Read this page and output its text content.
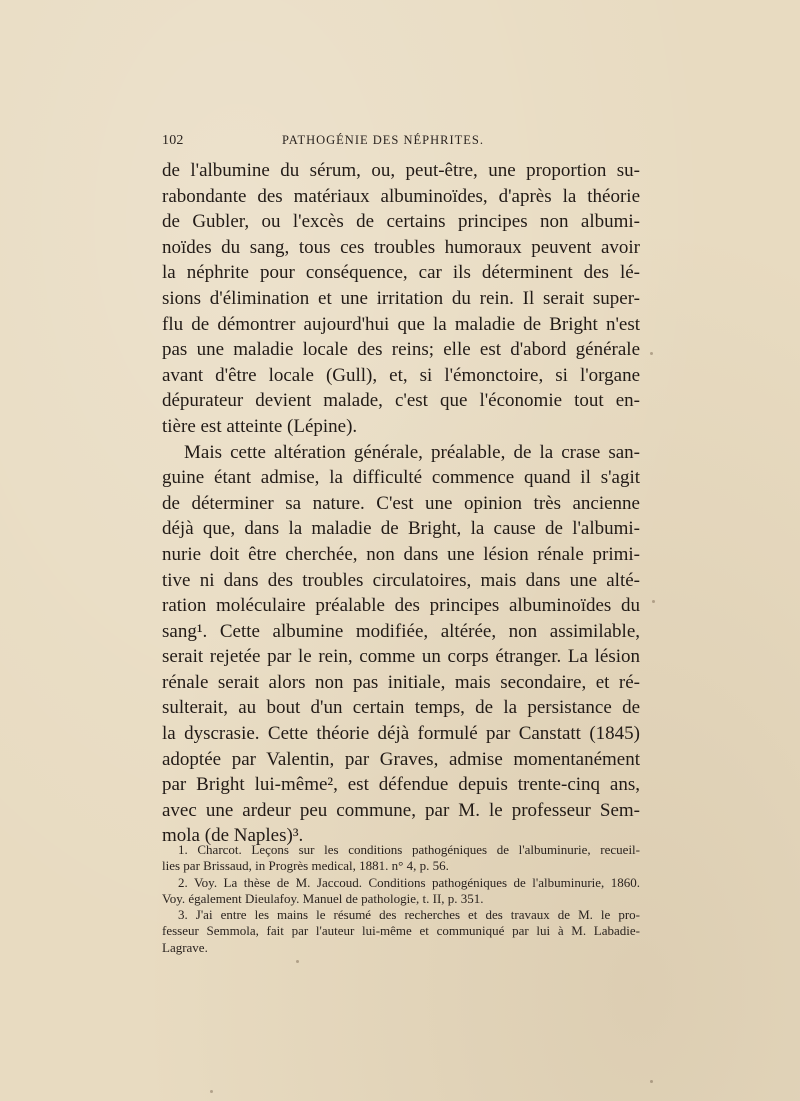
102	PATHOGÉNIE DES NÉPHRITES.

de l'albumine du sérum, ou, peut-être, une proportion su-
rabondante des matériaux albuminoïdes, d'après la théorie
de Gubler, ou l'excès de certains principes non albumi-
noïdes du sang, tous ces troubles humoraux peuvent avoir
la néphrite pour conséquence, car ils déterminent des lé-
sions d'élimination et une irritation du rein. Il serait super-
flu de démontrer aujourd'hui que la maladie de Bright n'est
pas une maladie locale des reins; elle est d'abord générale
avant d'être locale (Gull), et, si l'émonctoire, si l'organe
dépurateur devient malade, c'est que l'économie tout en-
tière est atteinte (Lépine).

Mais cette altération générale, préalable, de la crase san-
guine étant admise, la difficulté commence quand il s'agit
de déterminer sa nature. C'est une opinion très ancienne
déjà que, dans la maladie de Bright, la cause de l'albumi-
nurie doit être cherchée, non dans une lésion rénale primi-
tive ni dans des troubles circulatoires, mais dans une alté-
ration moléculaire préalable des principes albuminoïdes du
sang¹. Cette albumine modifiée, altérée, non assimilable,
serait rejetée par le rein, comme un corps étranger. La lésion
rénale serait alors non pas initiale, mais secondaire, et ré-
sulterait, au bout d'un certain temps, de la persistance de
la dyscrasie. Cette théorie déjà formulé par Canstatt (1845)
adoptée par Valentin, par Graves, admise momentanément
par Bright lui-même², est défendue depuis trente-cinq ans,
avec une ardeur peu commune, par M. le professeur Sem-
mola (de Naples)³.

1. Charcot. Leçons sur les conditions pathogéniques de l'albuminurie, recueil-
lies par Brissaud, in Progrès medical, 1881. n° 4, p. 56.
2. Voy. La thèse de M. Jaccoud. Conditions pathogéniques de l'albuminurie, 1860.
Voy. également Dieulafoy. Manuel de pathologie, t. II, p. 351.
3. J'ai entre les mains le résumé des recherches et des travaux de M. le pro-
fesseur Semmola, fait par l'auteur lui-même et communiqué par lui à M. Labadie-
Lagrave.
